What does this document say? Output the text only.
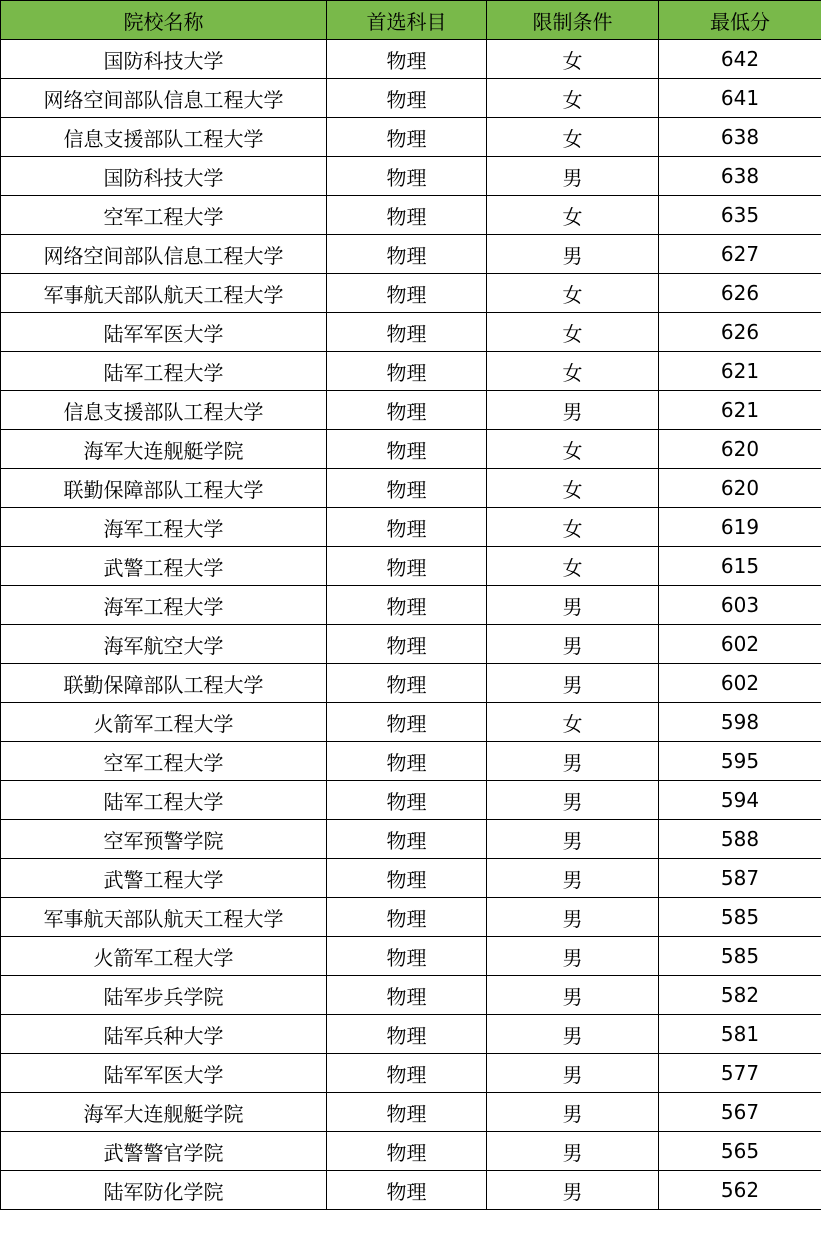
院校名称	首选科目	限制条件	最低分
国防科技大学	物理	女	642
网络空间部队信息工程大学	物理	女	641
信息支援部队工程大学	物理	女	638
国防科技大学	物理	男	638
空军工程大学	物理	女	635
网络空间部队信息工程大学	物理	男	627
军事航天部队航天工程大学	物理	女	626
陆军军医大学	物理	女	626
陆军工程大学	物理	女	621
信息支援部队工程大学	物理	男	621
海军大连舰艇学院	物理	女	620
联勤保障部队工程大学	物理	女	620
海军工程大学	物理	女	619
武警工程大学	物理	女	615
海军工程大学	物理	男	603
海军航空大学	物理	男	602
联勤保障部队工程大学	物理	男	602
火箭军工程大学	物理	女	598
空军工程大学	物理	男	595
陆军工程大学	物理	男	594
空军预警学院	物理	男	588
武警工程大学	物理	男	587
军事航天部队航天工程大学	物理	男	585
火箭军工程大学	物理	男	585
陆军步兵学院	物理	男	582
陆军兵种大学	物理	男	581
陆军军医大学	物理	男	577
海军大连舰艇学院	物理	男	567
武警警官学院	物理	男	565
陆军防化学院	物理	男	562
